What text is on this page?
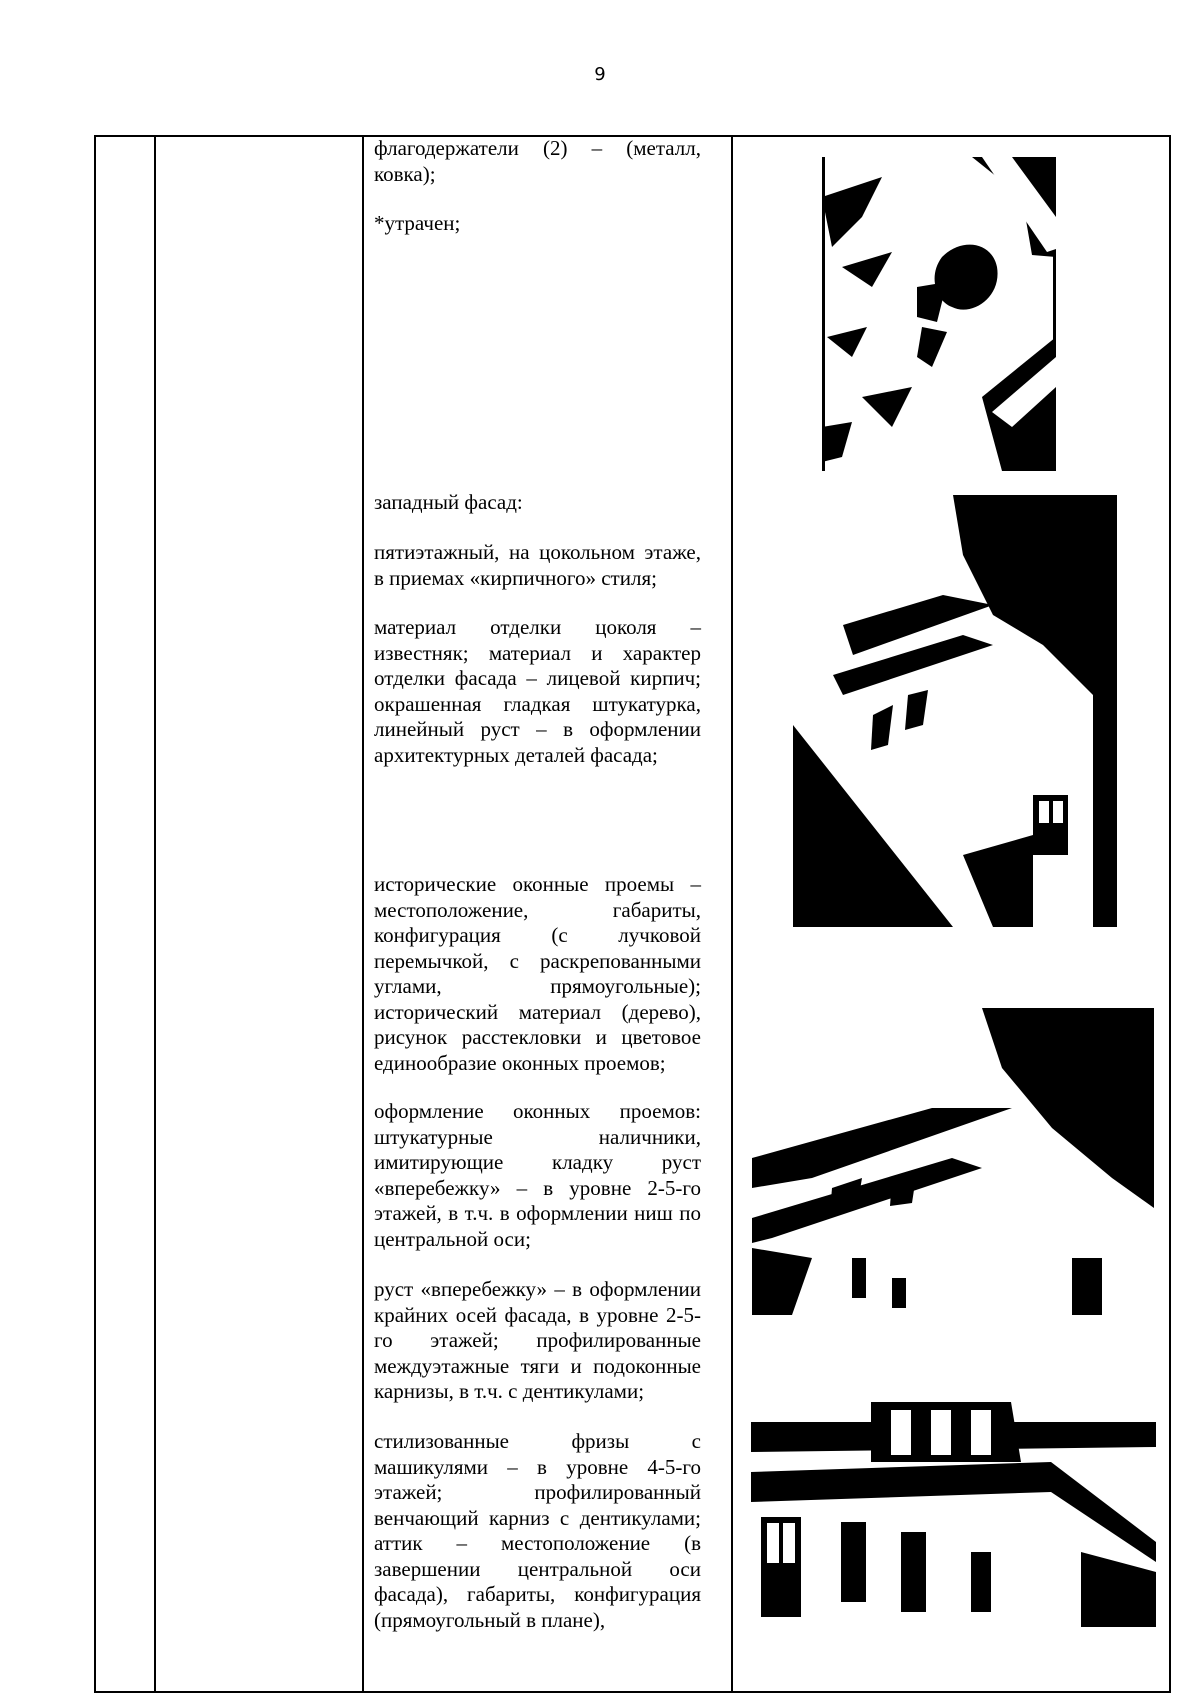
9

флагодержатели (2) – (металл, ковка);

*утрачен;

западный фасад:

пятиэтажный, на цокольном этаже, в приемах «кирпичного» стиля;

материал отделки цоколя – известняк; материал и характер отделки фасада – лицевой кирпич; окрашенная гладкая штукатурка, линейный руст – в оформлении архитектурных деталей фасада;

исторические оконные проемы – местоположение, габариты, конфигурация (с лучковой перемычкой, с раскрепованными углами, прямоугольные); исторический материал (дерево), рисунок расстекловки и цветовое единообразие оконных проемов;

оформление оконных проемов: штукатурные наличники, имитирующие кладку руст «вперебежку» – в уровне 2-5-го этажей, в т.ч. в оформлении ниш по центральной оси;

руст «вперебежку» – в оформлении крайних осей фасада, в уровне 2-5-го этажей; профилированные междуэтажные тяги и подоконные карнизы, в т.ч. с дентикулами;

стилизованные фризы с машикулями – в уровне 4-5-го этажей; профилированный венчающий карниз с дентикулами; аттик – местоположение (в завершении центральной оси фасада), габариты, конфигурация (прямоугольный в плане),
